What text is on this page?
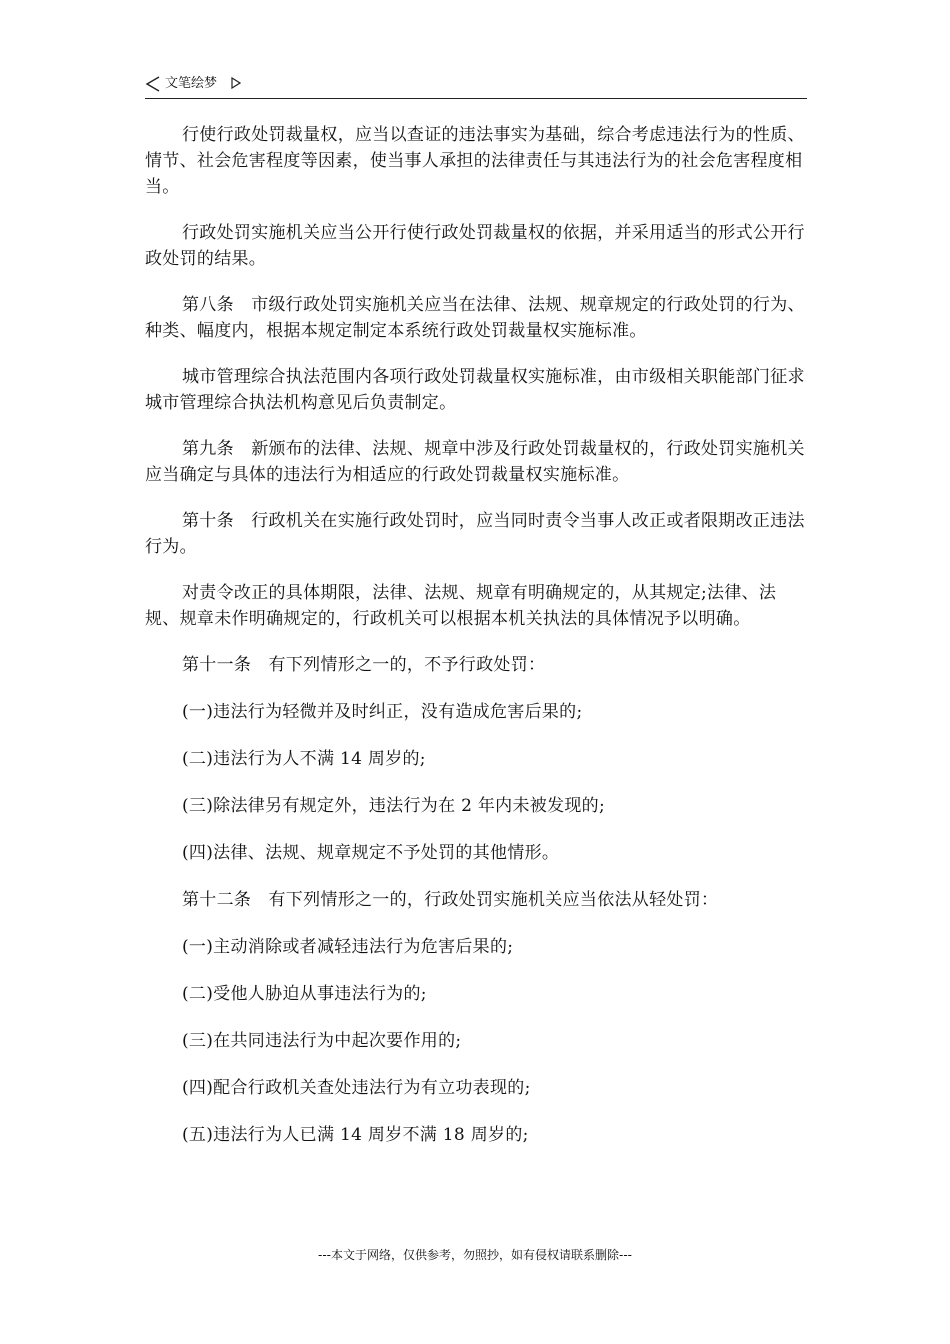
文笔绘梦

行使行政处罚裁量权，应当以查证的违法事实为基础，综合考虑违法行为的性质、情节、社会危害程度等因素，使当事人承担的法律责任与其违法行为的社会危害程度相当。

行政处罚实施机关应当公开行使行政处罚裁量权的依据，并采用适当的形式公开行政处罚的结果。

第八条　市级行政处罚实施机关应当在法律、法规、规章规定的行政处罚的行为、种类、幅度内，根据本规定制定本系统行政处罚裁量权实施标准。

城市管理综合执法范围内各项行政处罚裁量权实施标准，由市级相关职能部门征求城市管理综合执法机构意见后负责制定。

第九条　新颁布的法律、法规、规章中涉及行政处罚裁量权的，行政处罚实施机关应当确定与具体的违法行为相适应的行政处罚裁量权实施标准。

第十条　行政机关在实施行政处罚时，应当同时责令当事人改正或者限期改正违法行为。

对责令改正的具体期限，法律、法规、规章有明确规定的，从其规定;法律、法规、规章未作明确规定的，行政机关可以根据本机关执法的具体情况予以明确。

第十一条　有下列情形之一的，不予行政处罚：

(一)违法行为轻微并及时纠正，没有造成危害后果的;

(二)违法行为人不满 14 周岁的;

(三)除法律另有规定外，违法行为在 2 年内未被发现的;

(四)法律、法规、规章规定不予处罚的其他情形。

第十二条　有下列情形之一的，行政处罚实施机关应当依法从轻处罚：

(一)主动消除或者减轻违法行为危害后果的;

(二)受他人胁迫从事违法行为的;

(三)在共同违法行为中起次要作用的;

(四)配合行政机关查处违法行为有立功表现的;

(五)违法行为人已满 14 周岁不满 18 周岁的;

---本文于网络，仅供参考，勿照抄，如有侵权请联系删除---
